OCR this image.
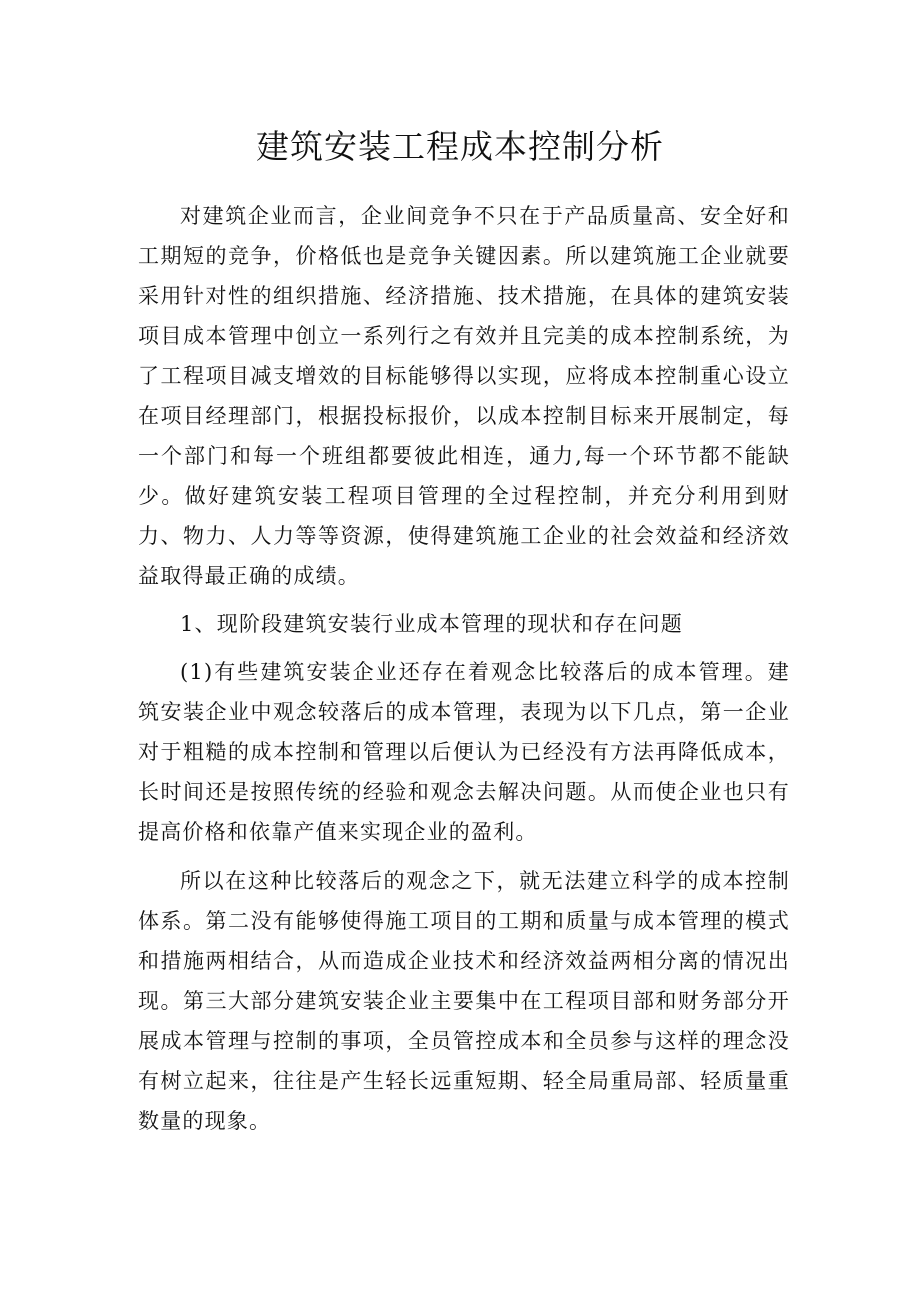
建筑安装工程成本控制分析

对建筑企业而言，企业间竞争不只在于产品质量高、安全好和工期短的竞争，价格低也是竞争关键因素。所以建筑施工企业就要采用针对性的组织措施、经济措施、技术措施，在具体的建筑安装项目成本管理中创立一系列行之有效并且完美的成本控制系统，为了工程项目减支增效的目标能够得以实现，应将成本控制重心设立在项目经理部门，根据投标报价，以成本控制目标来开展制定，每一个部门和每一个班组都要彼此相连，通力,每一个环节都不能缺少。做好建筑安装工程项目管理的全过程控制，并充分利用到财力、物力、人力等等资源，使得建筑施工企业的社会效益和经济效益取得最正确的成绩。

1、现阶段建筑安装行业成本管理的现状和存在问题

(1)有些建筑安装企业还存在着观念比较落后的成本管理。建筑安装企业中观念较落后的成本管理，表现为以下几点，第一企业对于粗糙的成本控制和管理以后便认为已经没有方法再降低成本，长时间还是按照传统的经验和观念去解决问题。从而使企业也只有提高价格和依靠产值来实现企业的盈利。

所以在这种比较落后的观念之下，就无法建立科学的成本控制体系。第二没有能够使得施工项目的工期和质量与成本管理的模式和措施两相结合，从而造成企业技术和经济效益两相分离的情况出现。第三大部分建筑安装企业主要集中在工程项目部和财务部分开展成本管理与控制的事项，全员管控成本和全员参与这样的理念没有树立起来，往往是产生轻长远重短期、轻全局重局部、轻质量重数量的现象。
